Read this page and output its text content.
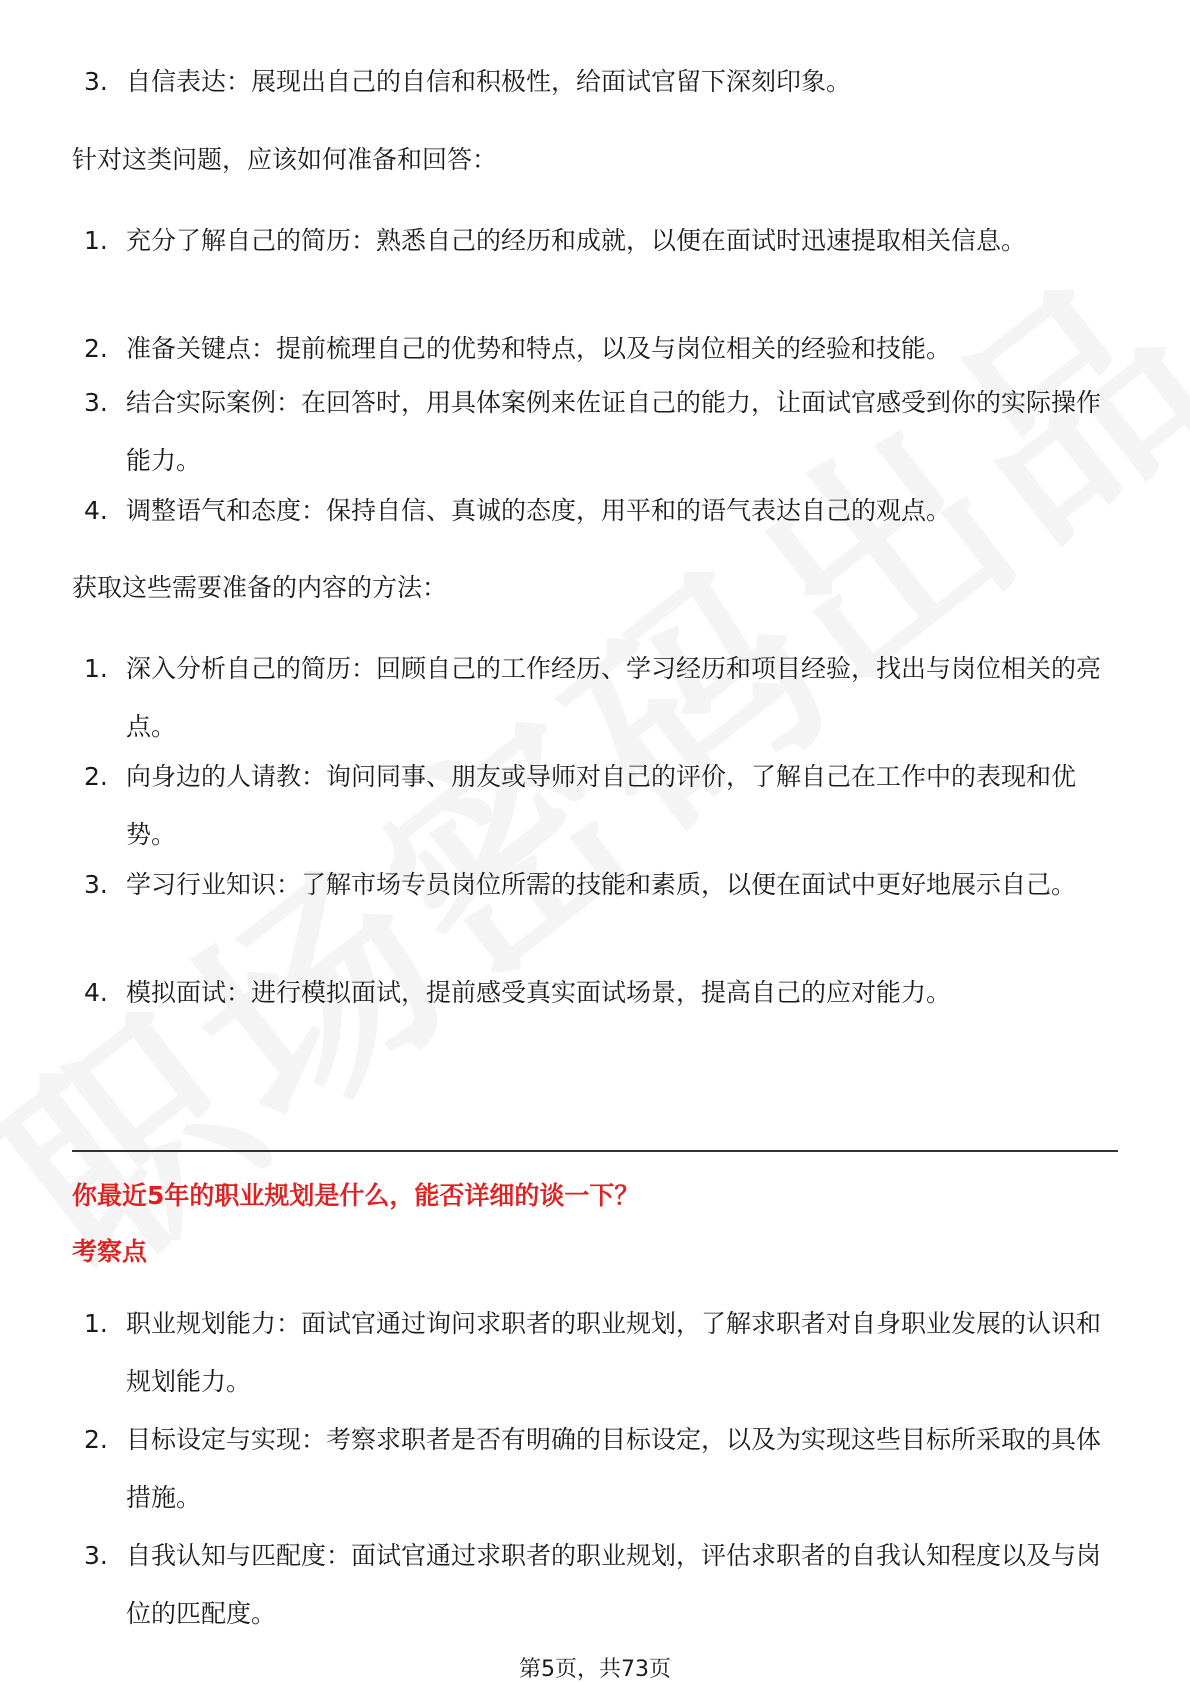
3. 自信表达：展现出自己的自信和积极性，给面试官留下深刻印象。
针对这类问题，应该如何准备和回答：
1. 充分了解自己的简历：熟悉自己的经历和成就，以便在面试时迅速提取相关信息。
2. 准备关键点：提前梳理自己的优势和特点，以及与岗位相关的经验和技能。
3. 结合实际案例：在回答时，用具体案例来佐证自己的能力，让面试官感受到你的实际操作能力。
4. 调整语气和态度：保持自信、真诚的态度，用平和的语气表达自己的观点。
获取这些需要准备的内容的方法：
1. 深入分析自己的简历：回顾自己的工作经历、学习经历和项目经验，找出与岗位相关的亮点。
2. 向身边的人请教：询问同事、朋友或导师对自己的评价，了解自己在工作中的表现和优势。
3. 学习行业知识：了解市场专员岗位所需的技能和素质，以便在面试中更好地展示自己。
4. 模拟面试：进行模拟面试，提前感受真实面试场景，提高自己的应对能力。
你最近5年的职业规划是什么，能否详细的谈一下？
考察点
1. 职业规划能力：面试官通过询问求职者的职业规划，了解求职者对自身职业发展的认识和规划能力。
2. 目标设定与实现：考察求职者是否有明确的目标设定，以及为实现这些目标所采取的具体措施。
3. 自我认知与匹配度：面试官通过求职者的职业规划，评估求职者的自我认知程度以及与岗位的匹配度。
第5页，共73页
